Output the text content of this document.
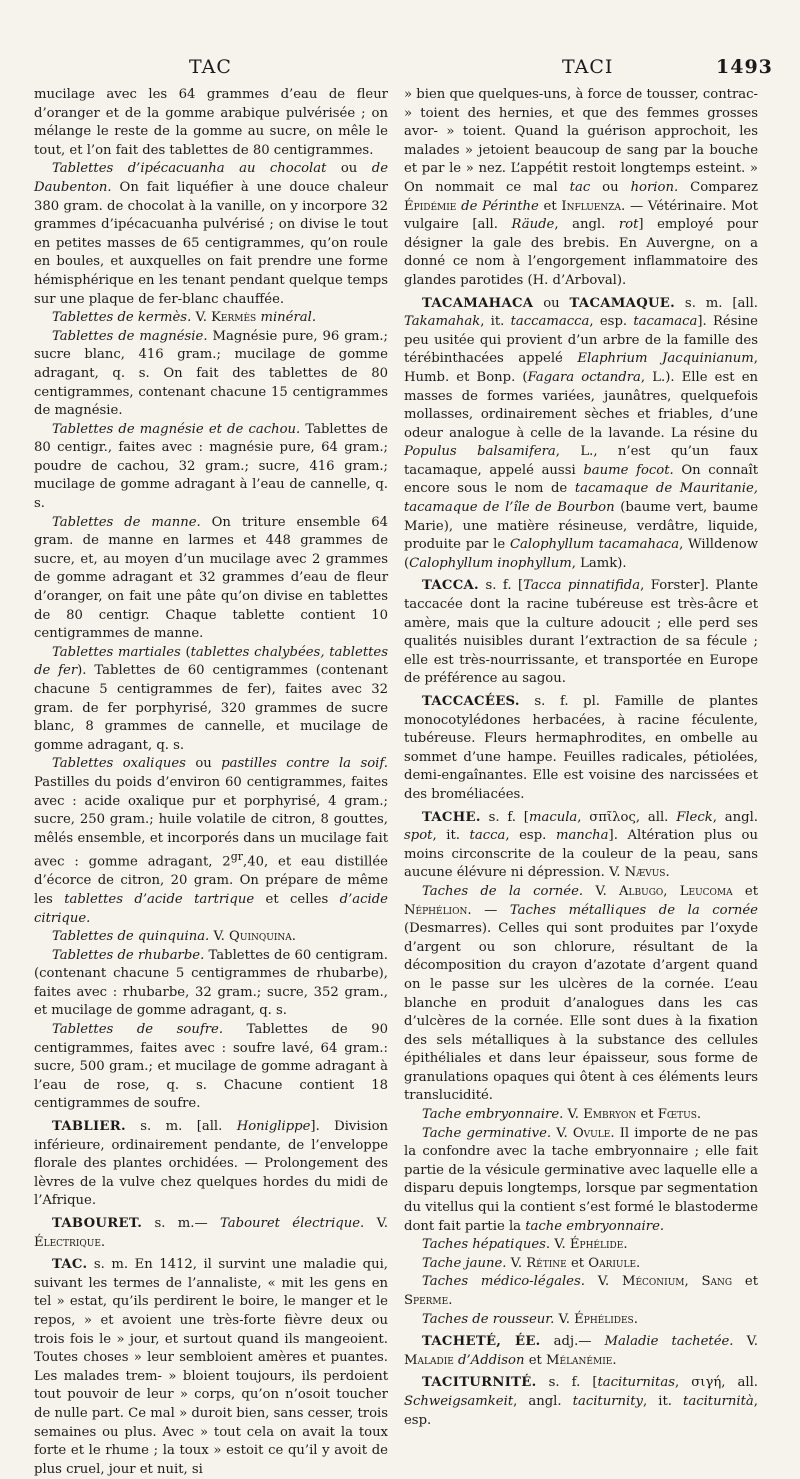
TAC	TACI	1493

mucilage avec les 64 grammes d’eau de fleur d’oranger et de la gomme arabique pulvérisée ; on mélange le reste de la gomme au sucre, on mêle le tout, et l’on fait des tablettes de 80 centigrammes.

Tablettes d’ipécacuanha au chocolat ou de Daubenton. On fait liquéfier à une douce chaleur 380 gram. de chocolat à la vanille, on y incorpore 32 grammes d’ipécacuanha pulvérisé ; on divise le tout en petites masses de 65 centigrammes, qu’on roule en boules, et auxquelles on fait prendre une forme hémisphérique en les tenant pendant quelque temps sur une plaque de fer-blanc chauffée.

Tablettes de kermès. V. Kermès minéral.

Tablettes de magnésie. Magnésie pure, 96 gram.; sucre blanc, 416 gram.; mucilage de gomme adragant, q. s. On fait des tablettes de 80 centigrammes, contenant chacune 15 centigrammes de magnésie.

Tablettes de magnésie et de cachou. Tablettes de 80 centigr., faites avec : magnésie pure, 64 gram.; poudre de cachou, 32 gram.; sucre, 416 gram.; mucilage de gomme adragant à l’eau de cannelle, q. s.

Tablettes de manne. On triture ensemble 64 gram. de manne en larmes et 448 grammes de sucre, et, au moyen d’un mucilage avec 2 grammes de gomme adragant et 32 grammes d’eau de fleur d’oranger, on fait une pâte qu’on divise en tablettes de 80 centigr. Chaque tablette contient 10 centigrammes de manne.

Tablettes martiales (tablettes chalybées, tablettes de fer). Tablettes de 60 centigrammes (contenant chacune 5 centigrammes de fer), faites avec 32 gram. de fer porphyrisé, 320 grammes de sucre blanc, 8 grammes de cannelle, et mucilage de gomme adragant, q. s.

Tablettes oxaliques ou pastilles contre la soif. Pastilles du poids d’environ 60 centigrammes, faites avec : acide oxalique pur et porphyrisé, 4 gram.; sucre, 250 gram.; huile volatile de citron, 8 gouttes, mêlés ensemble, et incorporés dans un mucilage fait avec : gomme adragant, $2^{gr},40$, et eau distillée d’écorce de citron, 20 gram. On prépare de même les tablettes d’acide tartrique et celles d’acide citrique.

Tablettes de quinquina. V. Quinquina.

Tablettes de rhubarbe. Tablettes de 60 centigram. (contenant chacune 5 centigrammes de rhubarbe), faites avec : rhubarbe, 32 gram.; sucre, 352 gram., et mucilage de gomme adragant, q. s.

Tablettes de soufre. Tablettes de 90 centigrammes, faites avec : soufre lavé, 64 gram.: sucre, 500 gram.; et mucilage de gomme adragant à l’eau de rose, q. s. Chacune contient 18 centigrammes de soufre.

TABLIER. s. m. [all. Honiglippe]. Division inférieure, ordinairement pendante, de l’enveloppe florale des plantes orchidées. — Prolongement des lèvres de la vulve chez quelques hordes du midi de l’Afrique.

TABOURET. s. m.— Tabouret électrique. V. Électrique.

TAC. s. m. En 1412, il survint une maladie qui, suivant les termes de l’annaliste, « mit les gens en tel » estat, qu’ils perdirent le boire, le manger et le repos, » et avoient une très-forte fièvre deux ou trois fois le » jour, et surtout quand ils mangeoient. Toutes choses » leur sembloient amères et puantes. Les malades trem- » bloient toujours, ils perdoient tout pouvoir de leur » corps, qu’on n’osoit toucher de nulle part. Ce mal » duroit bien, sans cesser, trois semaines ou plus. Avec » tout cela on avait la toux forte et le rhume ; la toux » estoit ce qu’il y avoit de plus cruel, jour et nuit, si

» bien que quelques-uns, à force de tousser, contrac- » toient des hernies, et que des femmes grosses avor- » toient. Quand la guérison approchoit, les malades » jetoient beaucoup de sang par la bouche et par le » nez. L’appétit restoit longtemps esteint. » On nommait ce mal tac ou horion. Comparez Épidémie de Périnthe et Influenza. — Vétérinaire. Mot vulgaire [all. Räude, angl. rot] employé pour désigner la gale des brebis. En Auvergne, on a donné ce nom à l’engorgement inflammatoire des glandes parotides (H. d’Arboval).

TACAMAHACA ou TACAMAQUE. s. m. [all. Takamahak, it. taccamacca, esp. tacamaca]. Résine peu usitée qui provient d’un arbre de la famille des térébinthacées appelé Elaphrium Jacquinianum, Humb. et Bonp. (Fagara octandra, L.). Elle est en masses de formes variées, jaunâtres, quelquefois mollasses, ordinairement sèches et friables, d’une odeur analogue à celle de la lavande. La résine du Populus balsamifera, L., n’est qu’un faux tacamaque, appelé aussi baume focot. On connaît encore sous le nom de tacamaque de Mauritanie, tacamaque de l’île de Bourbon (baume vert, baume Marie), une matière résineuse, verdâtre, liquide, produite par le Calophyllum tacamahaca, Willdenow (Calophyllum inophyllum, Lamk).

TACCA. s. f. [Tacca pinnatifida, Forster]. Plante taccacée dont la racine tubéreuse est très-âcre et amère, mais que la culture adoucit ; elle perd ses qualités nuisibles durant l’extraction de sa fécule ; elle est très-nourrissante, et transportée en Europe de préférence au sagou.

TACCACÉES. s. f. pl. Famille de plantes monocotylédones herbacées, à racine féculente, tubéreuse. Fleurs hermaphrodites, en ombelle au sommet d’une hampe. Feuilles radicales, pétiolées, demi-engaînantes. Elle est voisine des narcissées et des broméliacées.

TACHE. s. f. [macula, σπῖλος, all. Fleck, angl. spot, it. tacca, esp. mancha]. Altération plus ou moins circonscrite de la couleur de la peau, sans aucune élévure ni dépression. V. Nævus.

Taches de la cornée. V. Albugo, Leucoma et Néphélion. — Taches métalliques de la cornée (Desmarres). Celles qui sont produites par l’oxyde d’argent ou son chlorure, résultant de la décomposition du crayon d’azotate d’argent quand on le passe sur les ulcères de la cornée. L’eau blanche en produit d’analogues dans les cas d’ulcères de la cornée. Elle sont dues à la fixation des sels métalliques à la substance des cellules épithéliales et dans leur épaisseur, sous forme de granulations opaques qui ôtent à ces éléments leurs translucidité.

Tache embryonnaire. V. Embryon et Fœtus.

Tache germinative. V. Ovule. Il importe de ne pas la confondre avec la tache embryonnaire ; elle fait partie de la vésicule germinative avec laquelle elle a disparu depuis longtemps, lorsque par segmentation du vitellus qui la contient s’est formé le blastoderme dont fait partie la tache embryonnaire.

Taches hépatiques. V. Éphélide.

Tache jaune. V. Rétine et Oariule.

Taches médico-légales. V. Méconium, Sang et Sperme.

Taches de rousseur. V. Éphélides.

TACHETÉ, ÉE. adj.— Maladie tachetée. V. Maladie d’Addison et Mélanémie.

TACITURNITÉ. s. f. [taciturnitas, σιγή, all. Schweigsamkeit, angl. taciturnity, it. taciturnità, esp.
